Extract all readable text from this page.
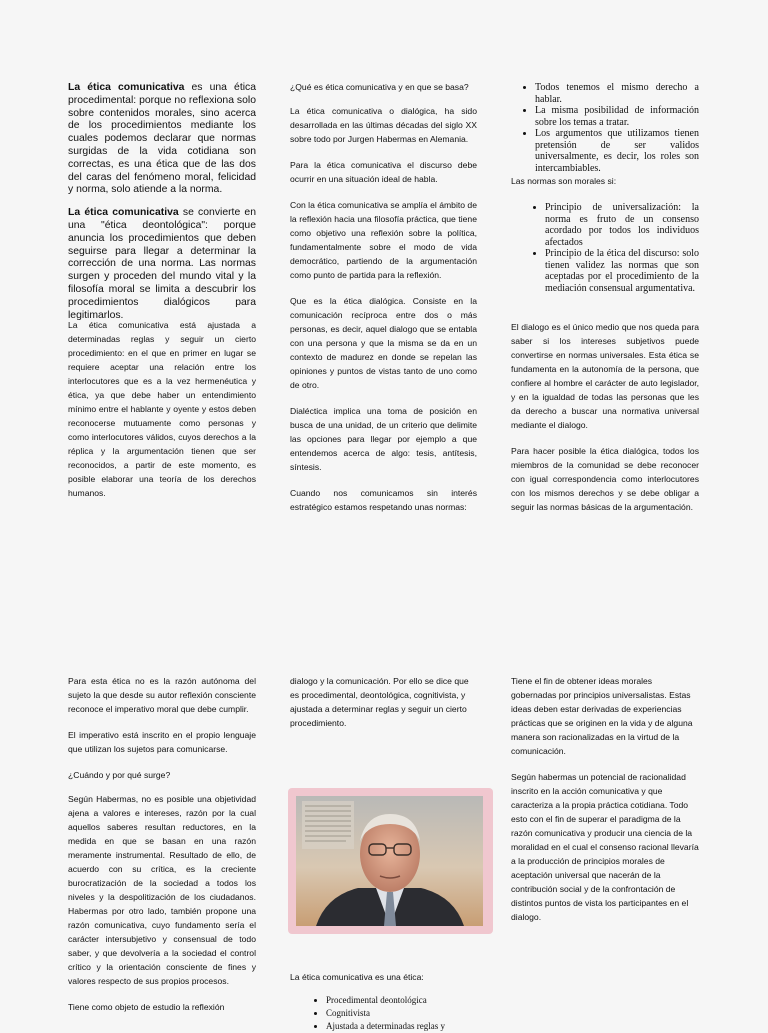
La ética comunicativa es una ética procedimental: porque no reflexiona solo sobre contenidos morales, sino acerca de los procedimientos mediante los cuales podemos declarar que normas surgidas de la vida cotidiana son correctas, es una ética que de las dos del caras del fenómeno moral, felicidad y norma, solo atiende a la norma.

La ética comunicativa se convierte en una "ética deontológica": porque anuncia los procedimientos que deben seguirse para llegar a determinar la corrección de una norma. Las normas surgen y proceden del mundo vital y la filosofía moral se limita a descubrir los procedimientos dialógicos para legitimarlos.

La ética comunicativa está ajustada a determinadas reglas y seguir un cierto procedimiento: en el que en primer en lugar se requiere aceptar una relación entre los interlocutores que es a la vez hermenéutica y ética, ya que debe haber un entendimiento mínimo entre el hablante y oyente y estos deben reconocerse mutuamente como personas y como interlocutores válidos, cuyos derechos a la réplica y la argumentación tienen que ser reconocidos, a partir de este momento, es posible elaborar una teoría de los derechos humanos.

¿Qué es ética comunicativa y en que se basa?

La ética comunicativa o dialógica, ha sido desarrollada en las últimas décadas del siglo XX sobre todo por Jurgen Habermas en Alemania.

Para la ética comunicativa el discurso debe ocurrir en una situación ideal de habla.

Con la ética comunicativa se amplía el ámbito de la reflexión hacia una filosofía práctica, que tiene como objetivo una reflexión sobre la política, fundamentalmente sobre el modo de vida democrático, partiendo de la argumentación como punto de partida para la reflexión.

Que es la ética dialógica. Consiste en la comunicación recíproca entre dos o más personas, es decir, aquel dialogo que se entabla con una persona y que la misma se da en un contexto de madurez en donde se repelan las opiniones y puntos de vistas tanto de uno como de otro.

Dialéctica implica una toma de posición en busca de una unidad, de un criterio que delimite las opciones para llegar por ejemplo a que entendemos acerca de algo: tesis, antítesis, síntesis.

Cuando nos comunicamos sin interés estratégico estamos respetando unas normas:

• Todos tenemos el mismo derecho a hablar.
• La misma posibilidad de información sobre los temas a tratar.
• Los argumentos que utilizamos tienen pretensión de ser validos universalmente, es decir, los roles son intercambiables.

Las normas son morales si:

• Principio de universalización: la norma es fruto de un consenso acordado por todos los individuos afectados
• Principio de la ética del discurso: solo tienen validez las normas que son aceptadas por el procedimiento de la mediación consensual argumentativa.

El dialogo es el único medio que nos queda para saber si los intereses subjetivos puede convertirse en normas universales. Esta ética se fundamenta en la autonomía de la persona, que confiere al hombre el carácter de auto legislador, y en la igualdad de todas las personas que les da derecho a buscar una normativa universal mediante el dialogo.

Para hacer posible la ética dialógica, todos los miembros de la comunidad se debe reconocer con igual correspondencia como interlocutores con los mismos derechos y se debe obligar a seguir las normas básicas de la argumentación.

Para esta ética no es la razón autónoma del sujeto la que desde su autor reflexión consciente reconoce el imperativo moral que debe cumplir.

El imperativo está inscrito en el propio lenguaje que utilizan los sujetos para comunicarse.

¿Cuándo y por qué surge?

Según Habermas, no es posible una objetividad ajena a valores e intereses, razón por la cual aquellos saberes resultan reductores, en la medida en que se basan en una razón meramente instrumental. Resultado de ello, de acuerdo con su crítica, es la creciente burocratización de la sociedad a todos los niveles y la despolitización de los ciudadanos. Habermas por otro lado, también propone una razón comunicativa, cuyo fundamento sería el carácter intersubjetivo y consensual de todo saber, y que devolvería a la sociedad el control crítico y la orientación consciente de fines y valores respecto de sus propios procesos.

Tiene como objeto de estudio la reflexión

dialogo y la comunicación. Por ello se dice que es procedimental, deontológica, cognitivista, y ajustada a determinar reglas y seguir un cierto procedimiento.

La ética comunicativa es una ética:

• Procedimental deontológica
• Cognitivista
• Ajustada a determinadas reglas y

Tiene el fin de obtener ideas morales gobernadas por principios universalistas. Estas ideas deben estar derivadas de experiencias prácticas que se originen en la vida y de alguna manera son racionalizadas en la virtud de la comunicación.

Según habermas un potencial de racionalidad inscrito en la acción comunicativa y que caracteriza a la propia práctica cotidiana. Todo esto con el fin de superar el paradigma de la razón comunicativa y producir una ciencia de la moralidad en el cual el consenso racional llevaría a la producción de principios morales de aceptación universal que nacerán de la contribución social y de la confrontación de distintos puntos de vista los participantes en el dialogo.
